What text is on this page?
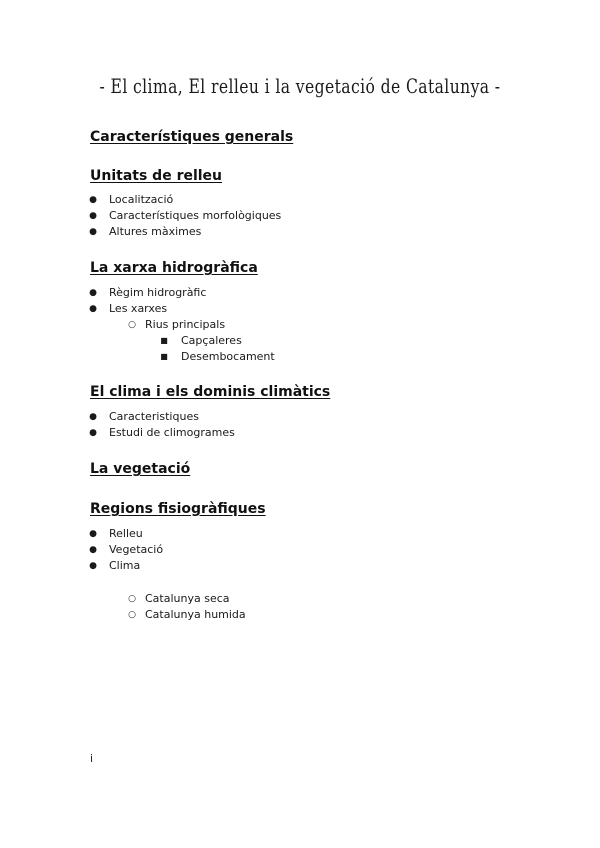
- El clima, El relleu i la vegetació de Catalunya -
Característiques generals
Unitats de relleu
● Localització
● Característiques morfològiques
● Altures màximes
La xarxa hidrogràfica
● Règim hidrogràfic
● Les xarxes
○ Rius principals
■ Capçaleres
■ Desembocament
El clima i els dominis climàtics
● Caracteristiques
● Estudi de climogrames
La vegetació
Regions fisiogràfiques
● Relleu
● Vegetació
● Clima
○ Catalunya seca
○ Catalunya humida
i
